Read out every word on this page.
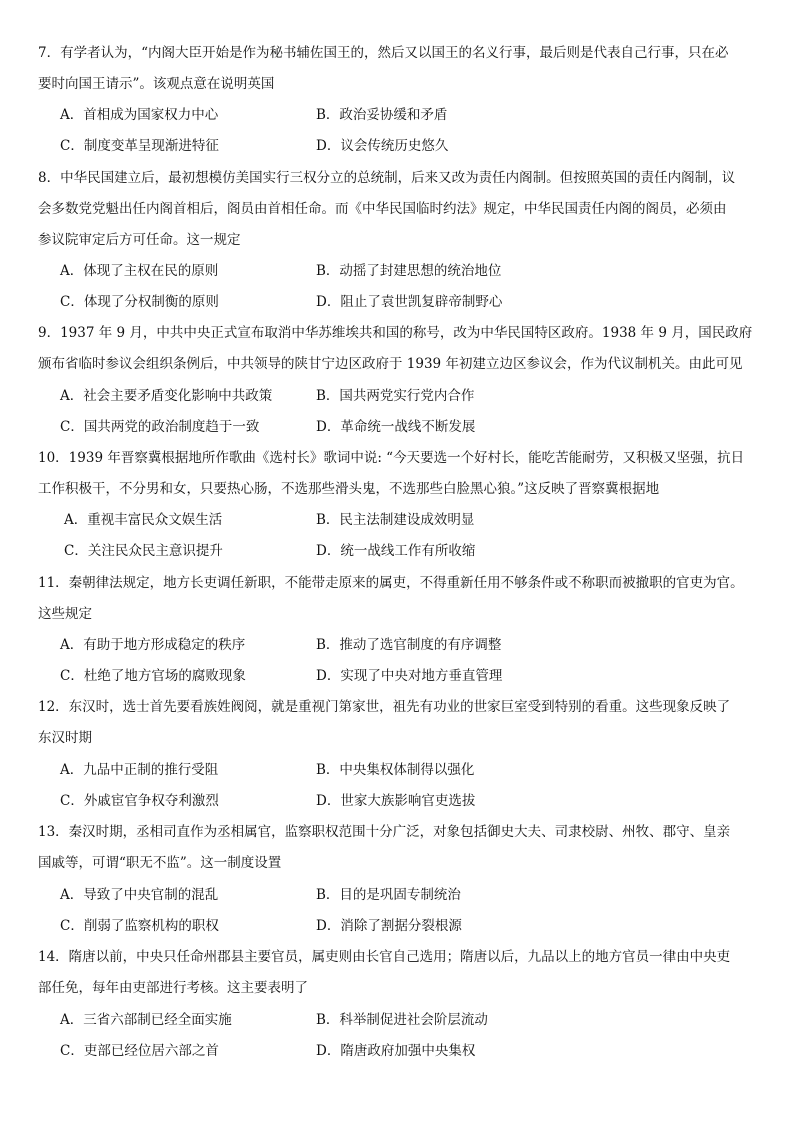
7．有学者认为，“内阁大臣开始是作为秘书辅佐国王的，然后又以国王的名义行事，最后则是代表自己行事，只在必
要时向国王请示”。该观点意在说明英国
A．首相成为国家权力中心	B．政治妥协缓和矛盾
C．制度变革呈现渐进特征	D．议会传统历史悠久
8．中华民国建立后，最初想模仿美国实行三权分立的总统制，后来又改为责任内阁制。但按照英国的责任内阁制，议
会多数党党魁出任内阁首相后，阁员由首相任命。而《中华民国临时约法》规定，中华民国责任内阁的阁员，必须由
参议院审定后方可任命。这一规定
A．体现了主权在民的原则	B．动摇了封建思想的统治地位
C．体现了分权制衡的原则	D．阻止了袁世凯复辟帝制野心
9．1937 年 9 月，中共中央正式宣布取消中华苏维埃共和国的称号，改为中华民国特区政府。1938 年 9 月，国民政府
颁布省临时参议会组织条例后，中共领导的陕甘宁边区政府于 1939 年初建立边区参议会，作为代议制机关。由此可见
A．社会主要矛盾变化影响中共政策	B．国共两党实行党内合作
C．国共两党的政治制度趋于一致	D．革命统一战线不断发展
10．1939 年晋察冀根据地所作歌曲《选村长》歌词中说: “今天要选一个好村长，能吃苦能耐劳，又积极又坚强，抗日
工作积极干，不分男和女，只要热心肠，不选那些滑头鬼，不选那些白脸黑心狼。”这反映了晋察冀根据地
A．重视丰富民众文娱生活	B．民主法制建设成效明显
C．关注民众民主意识提升	D．统一战线工作有所收缩
11．秦朝律法规定，地方长吏调任新职，不能带走原来的属吏，不得重新任用不够条件或不称职而被撤职的官吏为官。
这些规定
A．有助于地方形成稳定的秩序	B．推动了选官制度的有序调整
C．杜绝了地方官场的腐败现象	D．实现了中央对地方垂直管理
12．东汉时，选士首先要看族姓阀阅，就是重视门第家世，祖先有功业的世家巨室受到特别的看重。这些现象反映了
东汉时期
A．九品中正制的推行受阻	B．中央集权体制得以强化
C．外戚宦官争权夺利激烈	D．世家大族影响官吏选拔
13．秦汉时期，丞相司直作为丞相属官，监察职权范围十分广泛，对象包括御史大夫、司隶校尉、州牧、郡守、皇亲
国戚等，可谓“职无不监”。这一制度设置
A．导致了中央官制的混乱	B．目的是巩固专制统治
C．削弱了监察机构的职权	D．消除了割据分裂根源
14．隋唐以前，中央只任命州郡县主要官员，属吏则由长官自己选用；隋唐以后，九品以上的地方官员一律由中央吏
部任免，每年由吏部进行考核。这主要表明了
A．三省六部制已经全面实施	B．科举制促进社会阶层流动
C．吏部已经位居六部之首	D．隋唐政府加强中央集权
